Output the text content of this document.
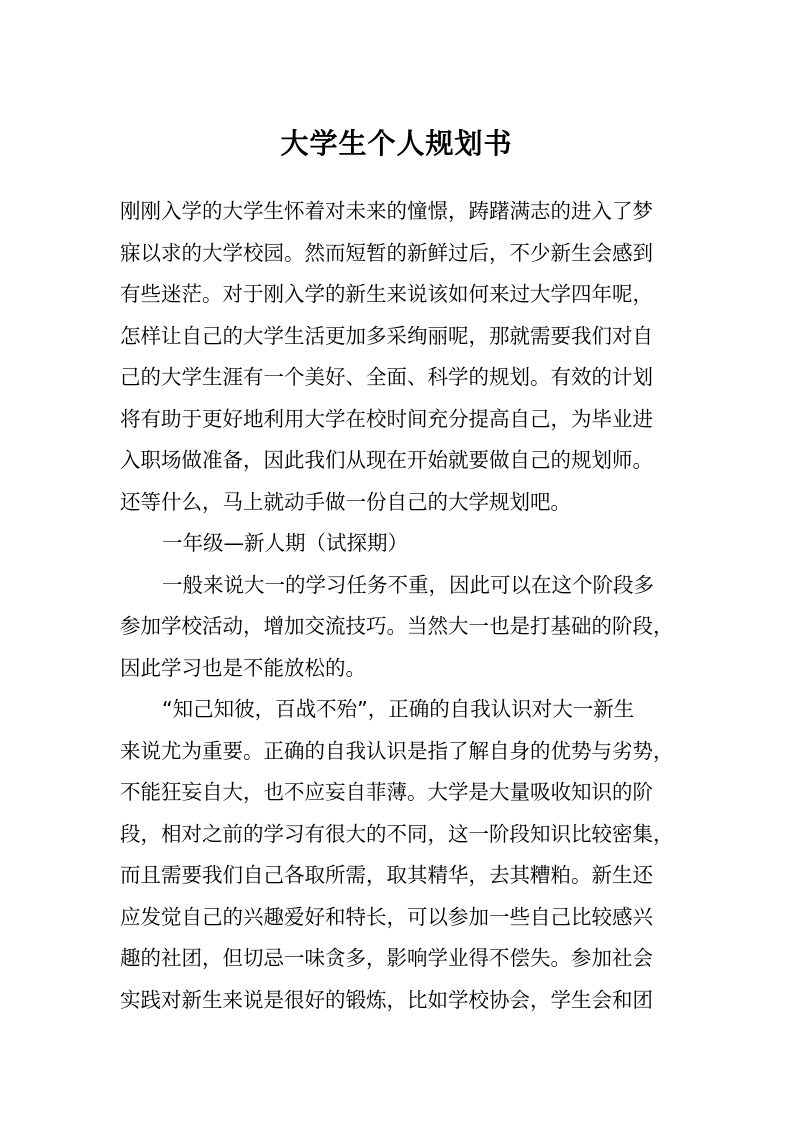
大学生个人规划书
刚刚入学的大学生怀着对未来的憧憬，踌躇满志的进入了梦
寐以求的大学校园。然而短暂的新鲜过后，不少新生会感到
有些迷茫。对于刚入学的新生来说该如何来过大学四年呢，
怎样让自己的大学生活更加多采绚丽呢，那就需要我们对自
己的大学生涯有一个美好、全面、科学的规划。有效的计划
将有助于更好地利用大学在校时间充分提高自己，为毕业进
入职场做准备，因此我们从现在开始就要做自己的规划师。
还等什么，马上就动手做一份自己的大学规划吧。
一年级—新人期（试探期）
一般来说大一的学习任务不重，因此可以在这个阶段多
参加学校活动，增加交流技巧。当然大一也是打基础的阶段，
因此学习也是不能放松的。
“知己知彼，百战不殆”，正确的自我认识对大一新生
来说尤为重要。正确的自我认识是指了解自身的优势与劣势，
不能狂妄自大，也不应妄自菲薄。大学是大量吸收知识的阶
段，相对之前的学习有很大的不同，这一阶段知识比较密集，
而且需要我们自己各取所需，取其精华，去其糟粕。新生还
应发觉自己的兴趣爱好和特长，可以参加一些自己比较感兴
趣的社团，但切忌一味贪多，影响学业得不偿失。参加社会
实践对新生来说是很好的锻炼，比如学校协会，学生会和团
